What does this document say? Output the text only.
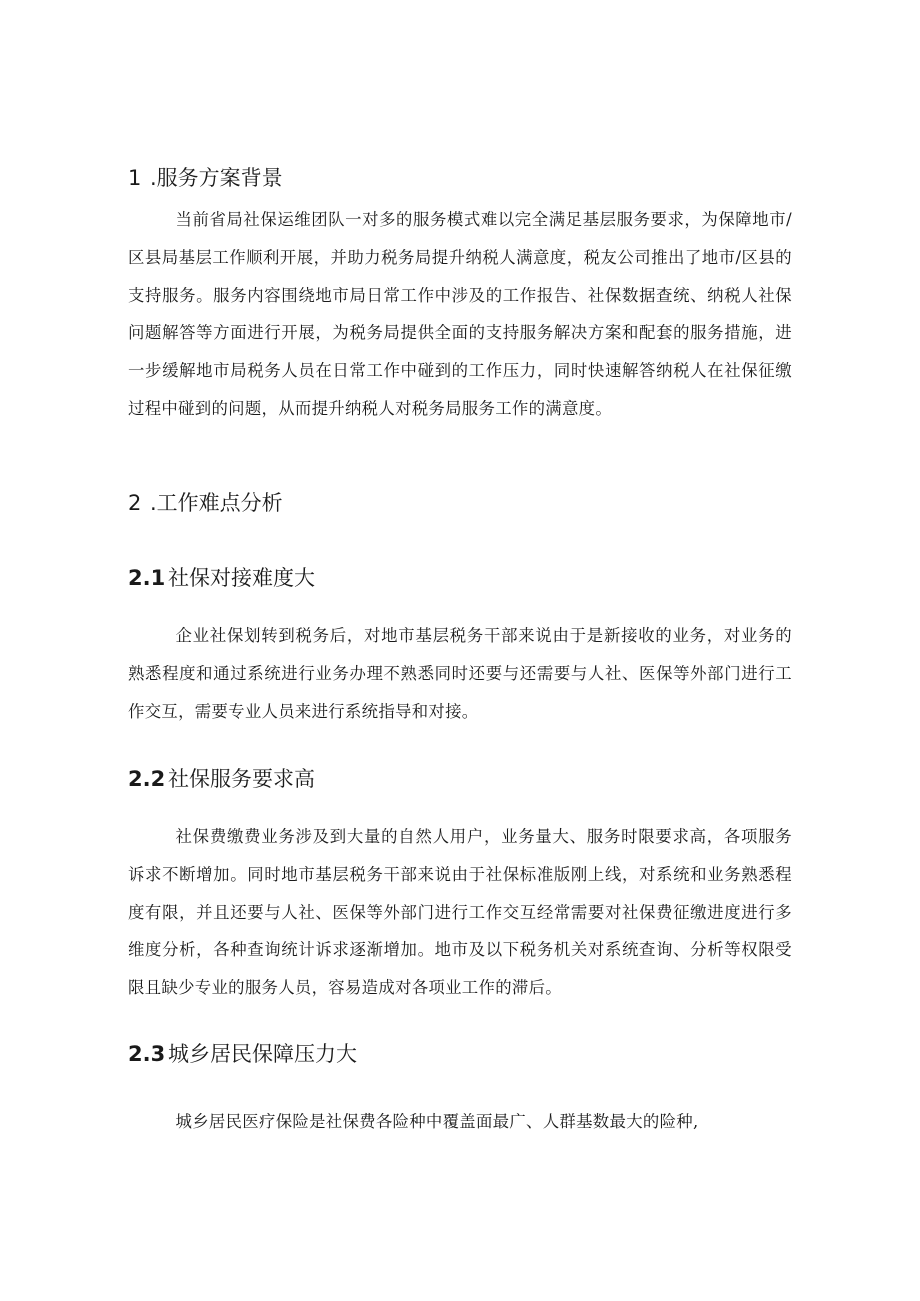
1 .服务方案背景

当前省局社保运维团队一对多的服务模式难以完全满足基层服务要求，为保障地市/区县局基层工作顺利开展，并助力税务局提升纳税人满意度，税友公司推出了地市/区县的支持服务。服务内容围绕地市局日常工作中涉及的工作报告、社保数据查统、纳税人社保问题解答等方面进行开展，为税务局提供全面的支持服务解决方案和配套的服务措施，进一步缓解地市局税务人员在日常工作中碰到的工作压力，同时快速解答纳税人在社保征缴过程中碰到的问题，从而提升纳税人对税务局服务工作的满意度。

2 .工作难点分析
2.1 社保对接难度大

企业社保划转到税务后，对地市基层税务干部来说由于是新接收的业务，对业务的熟悉程度和通过系统进行业务办理不熟悉同时还要与还需要与人社、医保等外部门进行工作交互，需要专业人员来进行系统指导和对接。

2.2 社保服务要求高

社保费缴费业务涉及到大量的自然人用户，业务量大、服务时限要求高，各项服务诉求不断增加。同时地市基层税务干部来说由于社保标准版刚上线，对系统和业务熟悉程度有限，并且还要与人社、医保等外部门进行工作交互经常需要对社保费征缴进度进行多维度分析，各种查询统计诉求逐渐增加。地市及以下税务机关对系统查询、分析等权限受限且缺少专业的服务人员，容易造成对各项业工作的滞后。

2.3 城乡居民保障压力大

城乡居民医疗保险是社保费各险种中覆盖面最广、人群基数最大的险种,
